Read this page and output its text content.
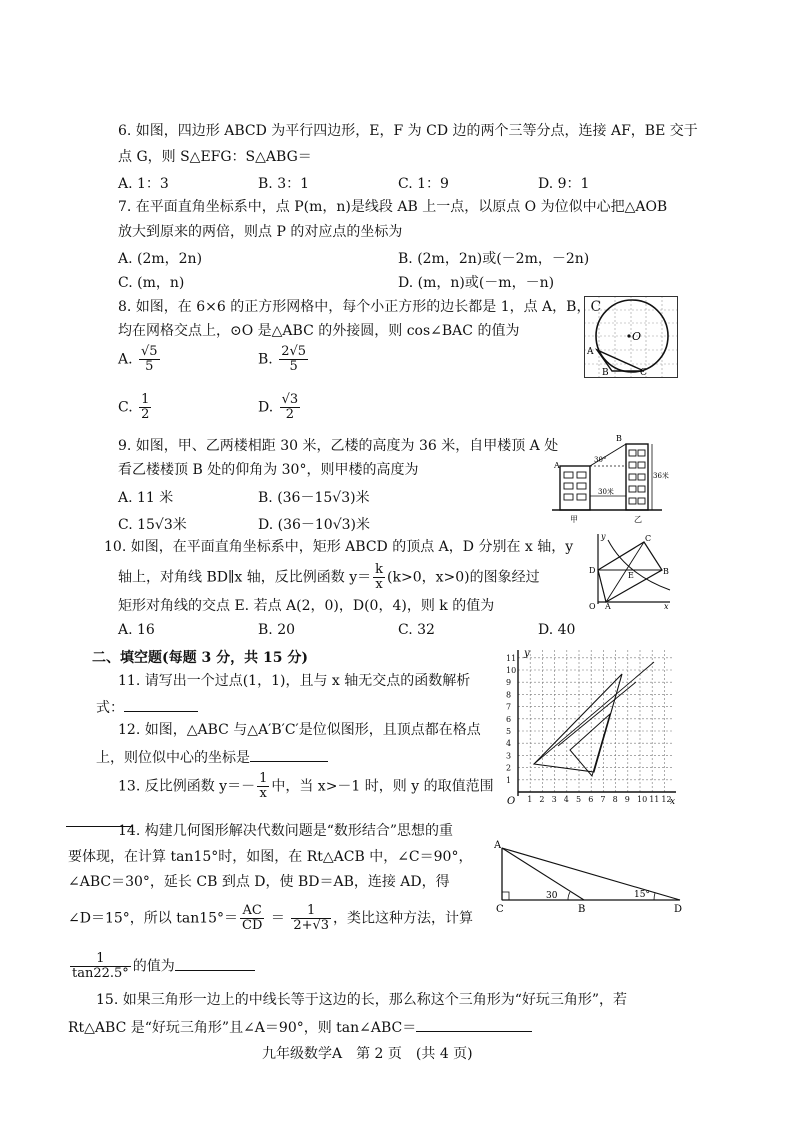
6. 如图，四边形 ABCD 为平行四边形，E，F 为 CD 边的两个三等分点，连接 AF，BE 交于
点 G，则 S△EFG：S△ABG＝
A. 1：3	B. 3：1	C. 1：9	D. 9：1
7. 在平面直角坐标系中，点 P(m，n)是线段 AB 上一点，以原点 O 为位似中心把△AOB
放大到原来的两倍，则点 P 的对应点的坐标为
A. (2m，2n)	B. (2m，2n)或(－2m，－2n)
C. (m，n)	D. (m，n)或(－m，－n)
8. 如图，在 6×6 的正方形网格中，每个小正方形的边长都是 1，点 A，B，C
均在网格交点上，⊙O 是△ABC 的外接圆，则 cos∠BAC 的值为
A. $\frac{√5}{5}$	B. $\frac{2√5}{5}$
C. $\frac{1}{2}$	D. $\frac{√3}{2}$
O
A
B	C
9. 如图，甲、乙两楼相距 30 米，乙楼的高度为 36 米，自甲楼顶 A 处
看乙楼楼顶 B 处的仰角为 30°，则甲楼的高度为
A. 11 米	B. (36－15√3)米
C. 15√3米	D. (36－10√3)米
B
A
30°
36米
30米
甲	乙
10. 如图，在平面直角坐标系中，矩形 ABCD 的顶点 A，D 分别在 x 轴，y
轴上，对角线 BD∥x 轴，反比例函数 $y= \frac{k}{x} (k>0$，x>0)的图象经过
矩形对角线的交点 E. 若点 A(2，0)，D(0，4)，则 k 的值为
A. 16	B. 20	C. 32	D. 40
y
x
O A
B
C
D
E
二、填空题(每题 3 分，共 15 分)
11. 请写出一个过点(1，1)，且与 x 轴无交点的函数解析
式：
12. 如图，△ABC 与△A′B′C′是位似图形，且顶点都在格点
上，则位似中心的坐标是
13. 反比例函数 $y=- \frac{1}{x}$ 中，当 x>－1 时，则 y 的取值范围
1 2 3 4 5 6 7 8 9 10 11 12
1
2
3
4
5
6
7
8
9
10
11 y
x
O
14. 构建几何图形解决代数问题是“数形结合”思想的重
要体现，在计算 tan15°时，如图，在 Rt△ACB 中，∠C＝90°，
∠ABC＝30°，延长 CB 到点 D，使 BD＝AB，连接 AD，得
∠D＝15°，所以 $\tan 15^\circ= \frac{AC}{CD} = \frac{1}{2+√3}$ ，类比这种方法，计算
$\frac{1}{\tan 22.5^\circ}$ 的值为
A
C	B	D
30	15°
15. 如果三角形一边上的中线长等于这边的长，那么称这个三角形为“好玩三角形”，若
Rt△ABC 是“好玩三角形”且∠A＝90°，则 tan∠ABC＝
九年级数学A　第 2 页　(共 4 页)
